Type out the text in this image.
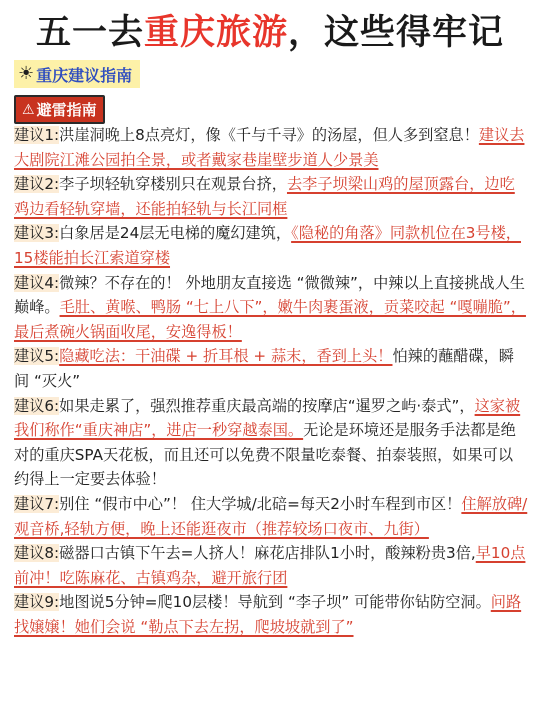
五一去重庆旅游，这些得牢记
☀ 重庆建议指南
⚠ 避雷指南

建议1:洪崖洞晚上8点亮灯，像《千与千寻》的汤屋，但人多到窒息！建议去大剧院江滩公园拍全景，或者戴家巷崖壁步道人少景美

建议2:李子坝轻轨穿楼别只在观景台挤，去李子坝梁山鸡的屋顶露台，边吃鸡边看轻轨穿墙，还能拍轻轨与长江同框

建议3:白象居是24层无电梯的魔幻建筑，《隐秘的角落》同款机位在3号楼，15楼能拍长江索道穿楼

建议4:微辣？不存在的！ 外地朋友直接选 “微微辣”，中辣以上直接挑战人生巅峰。毛肚、黄喉、鸭肠 “七上八下”，嫩牛肉裹蛋液，贡菜咬起 “嘎嘣脆”，最后煮碗火锅面收尾，安逸得板！

建议5:隐藏吃法：干油碟 + 折耳根 + 蒜末，香到上头！怕辣的蘸醋碟，瞬间 “灭火”

建议6:如果走累了，强烈推荐重庆最高端的按摩店“暹罗之屿·泰式”，这家被我们称作“重庆神店”，进店一秒穿越泰国。无论是环境还是服务手法都是绝对的重庆SPA天花板，而且还可以免费不限量吃泰餐、拍泰装照，如果可以约得上一定要去体验！

建议7:别住 “假市中心”！ 住大学城/北碚=每天2小时车程到市区！住解放碑/观音桥,轻轨方便，晚上还能逛夜市（推荐较场口夜市、九街）

建议8:磁器口古镇下午去=人挤人！麻花店排队1小时，酸辣粉贵3倍,早10点前冲！吃陈麻花、古镇鸡杂，避开旅行团

建议9:地图说5分钟=爬10层楼！导航到 “李子坝” 可能带你钻防空洞。问路找嬢嬢！她们会说 “勒点下去左拐，爬坡坡就到了”
